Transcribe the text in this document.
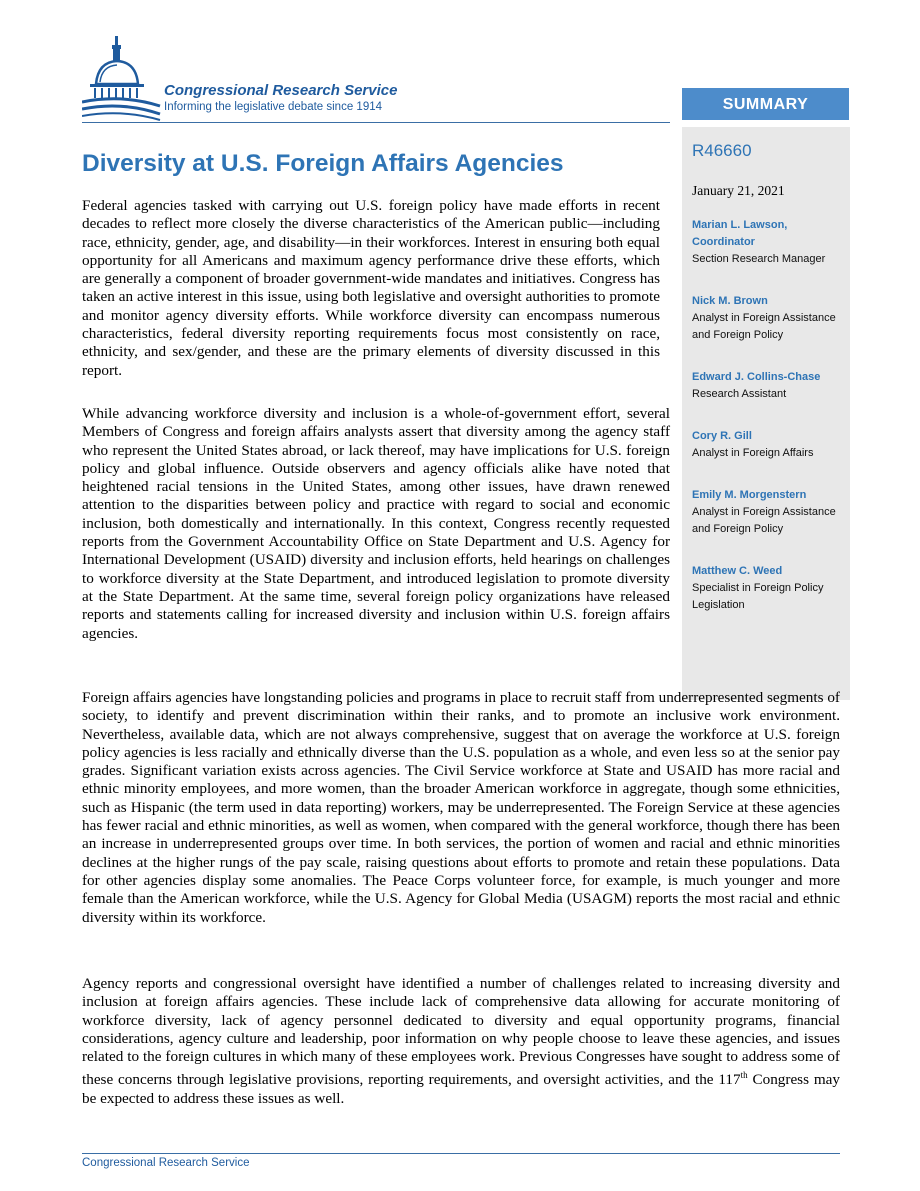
Congressional Research Service
Informing the legislative debate since 1914	SUMMARY
R46660
January 21, 2021
Marian L. Lawson, Coordinator
Section Research Manager
Nick M. Brown
Analyst in Foreign Assistance and Foreign Policy
Edward J. Collins-Chase
Research Assistant
Cory R. Gill
Analyst in Foreign Affairs
Emily M. Morgenstern
Analyst in Foreign Assistance and Foreign Policy
Matthew C. Weed
Specialist in Foreign Policy Legislation
Diversity at U.S. Foreign Affairs Agencies

Federal agencies tasked with carrying out U.S. foreign policy have made efforts in recent decades to reflect more closely the diverse characteristics of the American public—including race, ethnicity, gender, age, and disability—in their workforces. Interest in ensuring both equal opportunity for all Americans and maximum agency performance drive these efforts, which are generally a component of broader government-wide mandates and initiatives. Congress has taken an active interest in this issue, using both legislative and oversight authorities to promote and monitor agency diversity efforts. While workforce diversity can encompass numerous characteristics, federal diversity reporting requirements focus most consistently on race, ethnicity, and sex/gender, and these are the primary elements of diversity discussed in this report.

While advancing workforce diversity and inclusion is a whole-of-government effort, several Members of Congress and foreign affairs analysts assert that diversity among the agency staff who represent the United States abroad, or lack thereof, may have implications for U.S. foreign policy and global influence. Outside observers and agency officials alike have noted that heightened racial tensions in the United States, among other issues, have drawn renewed attention to the disparities between policy and practice with regard to social and economic inclusion, both domestically and internationally. In this context, Congress recently requested reports from the Government Accountability Office on State Department and U.S. Agency for International Development (USAID) diversity and inclusion efforts, held hearings on challenges to workforce diversity at the State Department, and introduced legislation to promote diversity at the State Department. At the same time, several foreign policy organizations have released reports and statements calling for increased diversity and inclusion within U.S. foreign affairs agencies.

Foreign affairs agencies have longstanding policies and programs in place to recruit staff from underrepresented segments of society, to identify and prevent discrimination within their ranks, and to promote an inclusive work environment. Nevertheless, available data, which are not always comprehensive, suggest that on average the workforce at U.S. foreign policy agencies is less racially and ethnically diverse than the U.S. population as a whole, and even less so at the senior pay grades. Significant variation exists across agencies. The Civil Service workforce at State and USAID has more racial and ethnic minority employees, and more women, than the broader American workforce in aggregate, though some ethnicities, such as Hispanic (the term used in data reporting) workers, may be underrepresented. The Foreign Service at these agencies has fewer racial and ethnic minorities, as well as women, when compared with the general workforce, though there has been an increase in underrepresented groups over time. In both services, the portion of women and racial and ethnic minorities declines at the higher rungs of the pay scale, raising questions about efforts to promote and retain these populations. Data for other agencies display some anomalies. The Peace Corps volunteer force, for example, is much younger and more female than the American workforce, while the U.S. Agency for Global Media (USAGM) reports the most racial and ethnic diversity within its workforce.

Agency reports and congressional oversight have identified a number of challenges related to increasing diversity and inclusion at foreign affairs agencies. These include lack of comprehensive data allowing for accurate monitoring of workforce diversity, lack of agency personnel dedicated to diversity and equal opportunity programs, financial considerations, agency culture and leadership, poor information on why people choose to leave these agencies, and issues related to the foreign cultures in which many of these employees work. Previous Congresses have sought to address some of these concerns through legislative provisions, reporting requirements, and oversight activities, and the 117th Congress may be expected to address these issues as well.

Congressional Research Service
